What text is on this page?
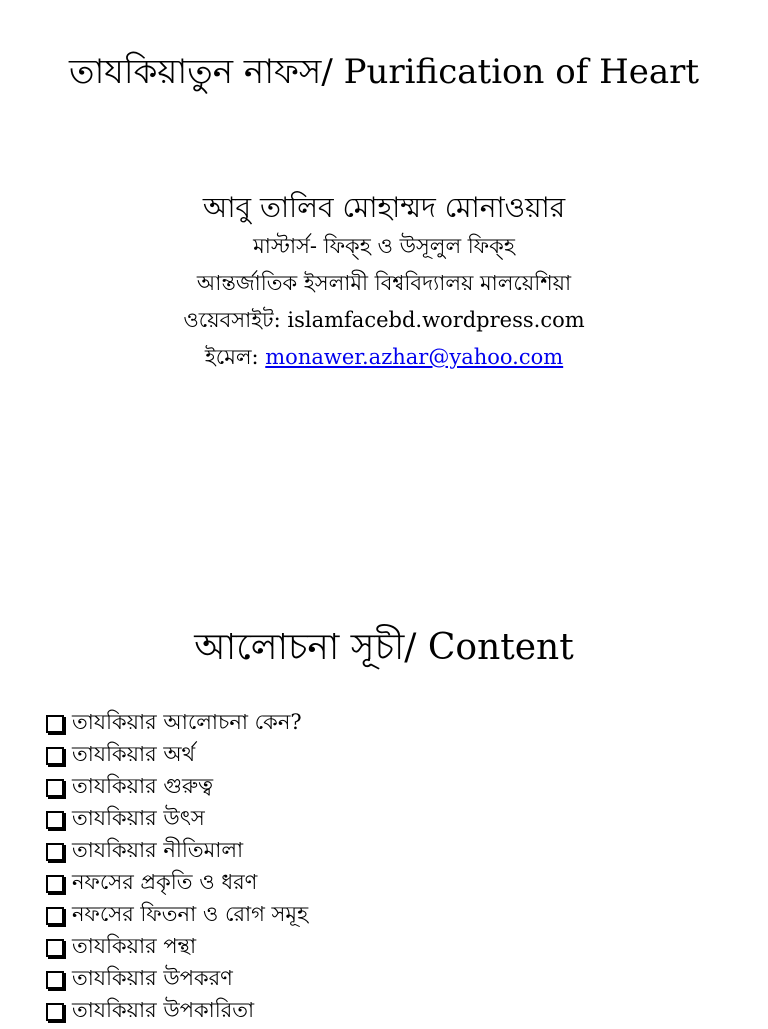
তাযকিয়াতুন নাফস/ Purification of Heart
আবু তালিব মোহাম্মদ মোনাওয়ার
মাস্টার্স- ফিক্হ ও উসূলুল ফিক্হ
আন্তর্জাতিক ইসলামী বিশ্ববিদ্যালয় মালয়েশিয়া
ওয়েবসাইট: islamfacebd.wordpress.com
ইমেল: monawer.azhar@yahoo.com
আলোচনা সূচী/ Content
তাযকিয়ার আলোচনা কেন?
তাযকিয়ার অর্থ
তাযকিয়ার গুরুত্ব
তাযকিয়ার উৎস
তাযকিয়ার নীতিমালা
নফসের প্রকৃতি ও ধরণ
নফসের ফিতনা ও রোগ সমূহ
তাযকিয়ার পন্থা
তাযকিয়ার উপকরণ
তাযকিয়ার উপকারিতা
